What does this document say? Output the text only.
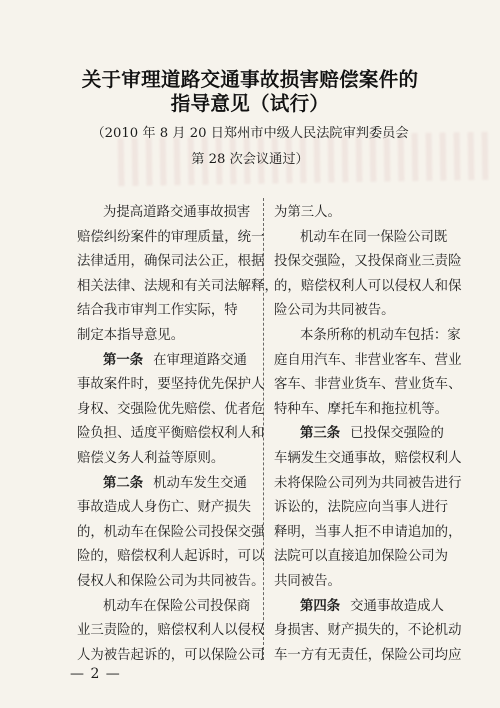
关于审理道路交通事故损害赔偿案件的
指导意见（试行）
（2010 年 8 月 20 日郑州市中级人民法院审判委员会
第 28 次会议通过）
为提高道路交通事故损害
赔偿纠纷案件的审理质量，统一
法律适用，确保司法公正，根据
相关法律、法规和有关司法解释，
结合我市审判工作实际，特
制定本指导意见。
第一条 在审理道路交通
事故案件时，要坚持优先保护人
身权、交强险优先赔偿、优者危
险负担、适度平衡赔偿权利人和
赔偿义务人利益等原则。
第二条 机动车发生交通
事故造成人身伤亡、财产损失
的，机动车在保险公司投保交强
险的，赔偿权利人起诉时，可以
侵权人和保险公司为共同被告。
机动车在保险公司投保商
业三责险的，赔偿权利人以侵权
人为被告起诉的，可以保险公司
为第三人。
机动车在同一保险公司既
投保交强险，又投保商业三责险
的，赔偿权利人可以侵权人和保
险公司为共同被告。
本条所称的机动车包括：家
庭自用汽车、非营业客车、营业
客车、非营业货车、营业货车、
特种车、摩托车和拖拉机等。
第三条 已投保交强险的
车辆发生交通事故，赔偿权利人
未将保险公司列为共同被告进行
诉讼的，法院应向当事人进行
释明，当事人拒不申请追加的，
法院可以直接追加保险公司为
共同被告。
第四条 交通事故造成人
身损害、财产损失的，不论机动
车一方有无责任，保险公司均应
— 2 —
